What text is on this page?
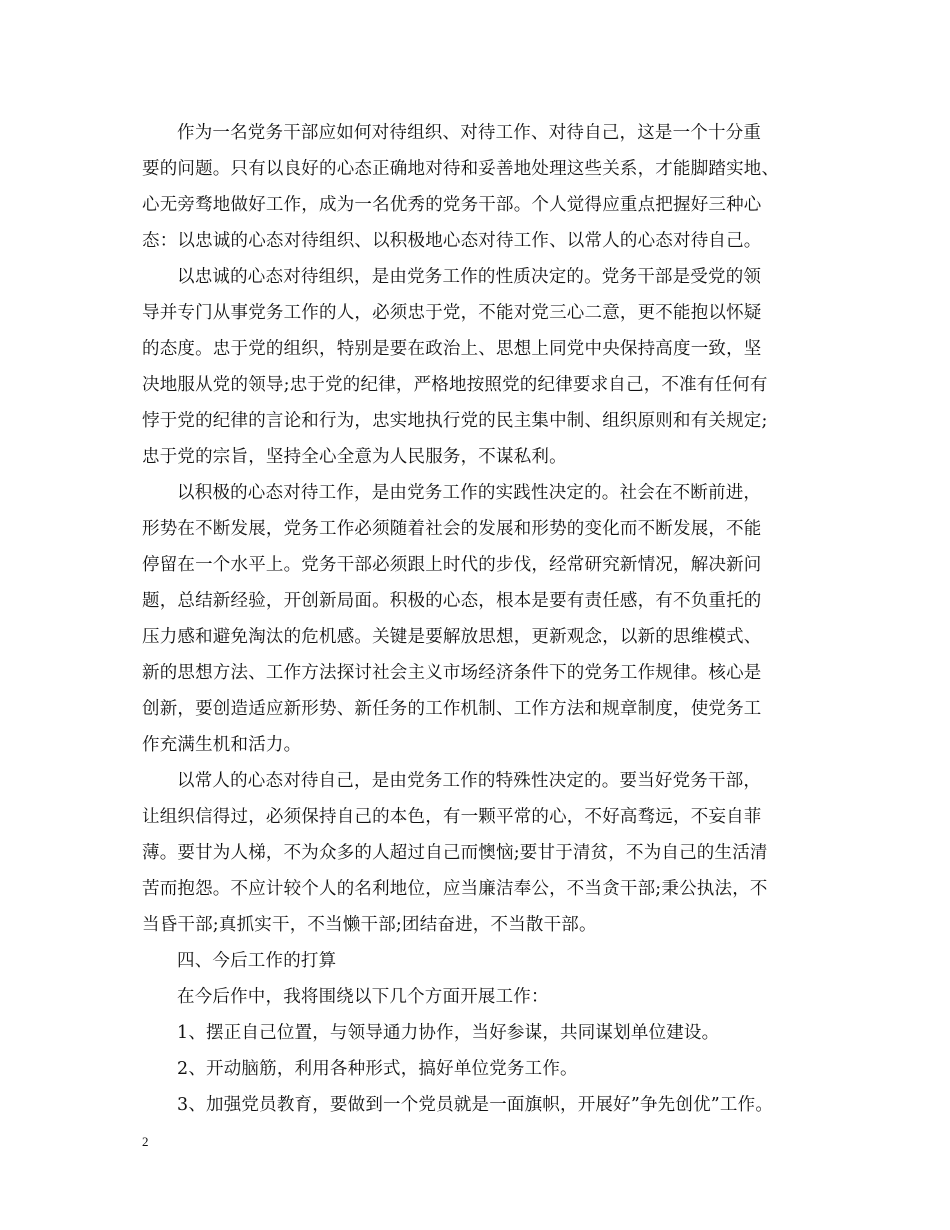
作为一名党务干部应如何对待组织、对待工作、对待自己，这是一个十分重
要的问题。只有以良好的心态正确地对待和妥善地处理这些关系，才能脚踏实地、
心无旁骛地做好工作，成为一名优秀的党务干部。个人觉得应重点把握好三种心
态：以忠诚的心态对待组织、以积极地心态对待工作、以常人的心态对待自己。
以忠诚的心态对待组织，是由党务工作的性质决定的。党务干部是受党的领
导并专门从事党务工作的人，必须忠于党，不能对党三心二意，更不能抱以怀疑
的态度。忠于党的组织，特别是要在政治上、思想上同党中央保持高度一致，坚
决地服从党的领导;忠于党的纪律，严格地按照党的纪律要求自己，不准有任何有
悖于党的纪律的言论和行为，忠实地执行党的民主集中制、组织原则和有关规定;
忠于党的宗旨，坚持全心全意为人民服务，不谋私利。
以积极的心态对待工作，是由党务工作的实践性决定的。社会在不断前进，
形势在不断发展，党务工作必须随着社会的发展和形势的变化而不断发展，不能
停留在一个水平上。党务干部必须跟上时代的步伐，经常研究新情况，解决新问
题，总结新经验，开创新局面。积极的心态，根本是要有责任感，有不负重托的
压力感和避免淘汰的危机感。关键是要解放思想，更新观念，以新的思维模式、
新的思想方法、工作方法探讨社会主义市场经济条件下的党务工作规律。核心是
创新，要创造适应新形势、新任务的工作机制、工作方法和规章制度，使党务工
作充满生机和活力。
以常人的心态对待自己，是由党务工作的特殊性决定的。要当好党务干部，
让组织信得过，必须保持自己的本色，有一颗平常的心，不好高骛远，不妄自菲
薄。要甘为人梯，不为众多的人超过自己而懊恼;要甘于清贫，不为自己的生活清
苦而抱怨。不应计较个人的名利地位，应当廉洁奉公，不当贪干部;秉公执法，不
当昏干部;真抓实干，不当懒干部;团结奋进，不当散干部。
四、今后工作的打算
在今后作中，我将围绕以下几个方面开展工作：
1、摆正自己位置，与领导通力协作，当好参谋，共同谋划单位建设。
2、开动脑筋，利用各种形式，搞好单位党务工作。
3、加强党员教育，要做到一个党员就是一面旗帜，开展好”争先创优”工作。
2
